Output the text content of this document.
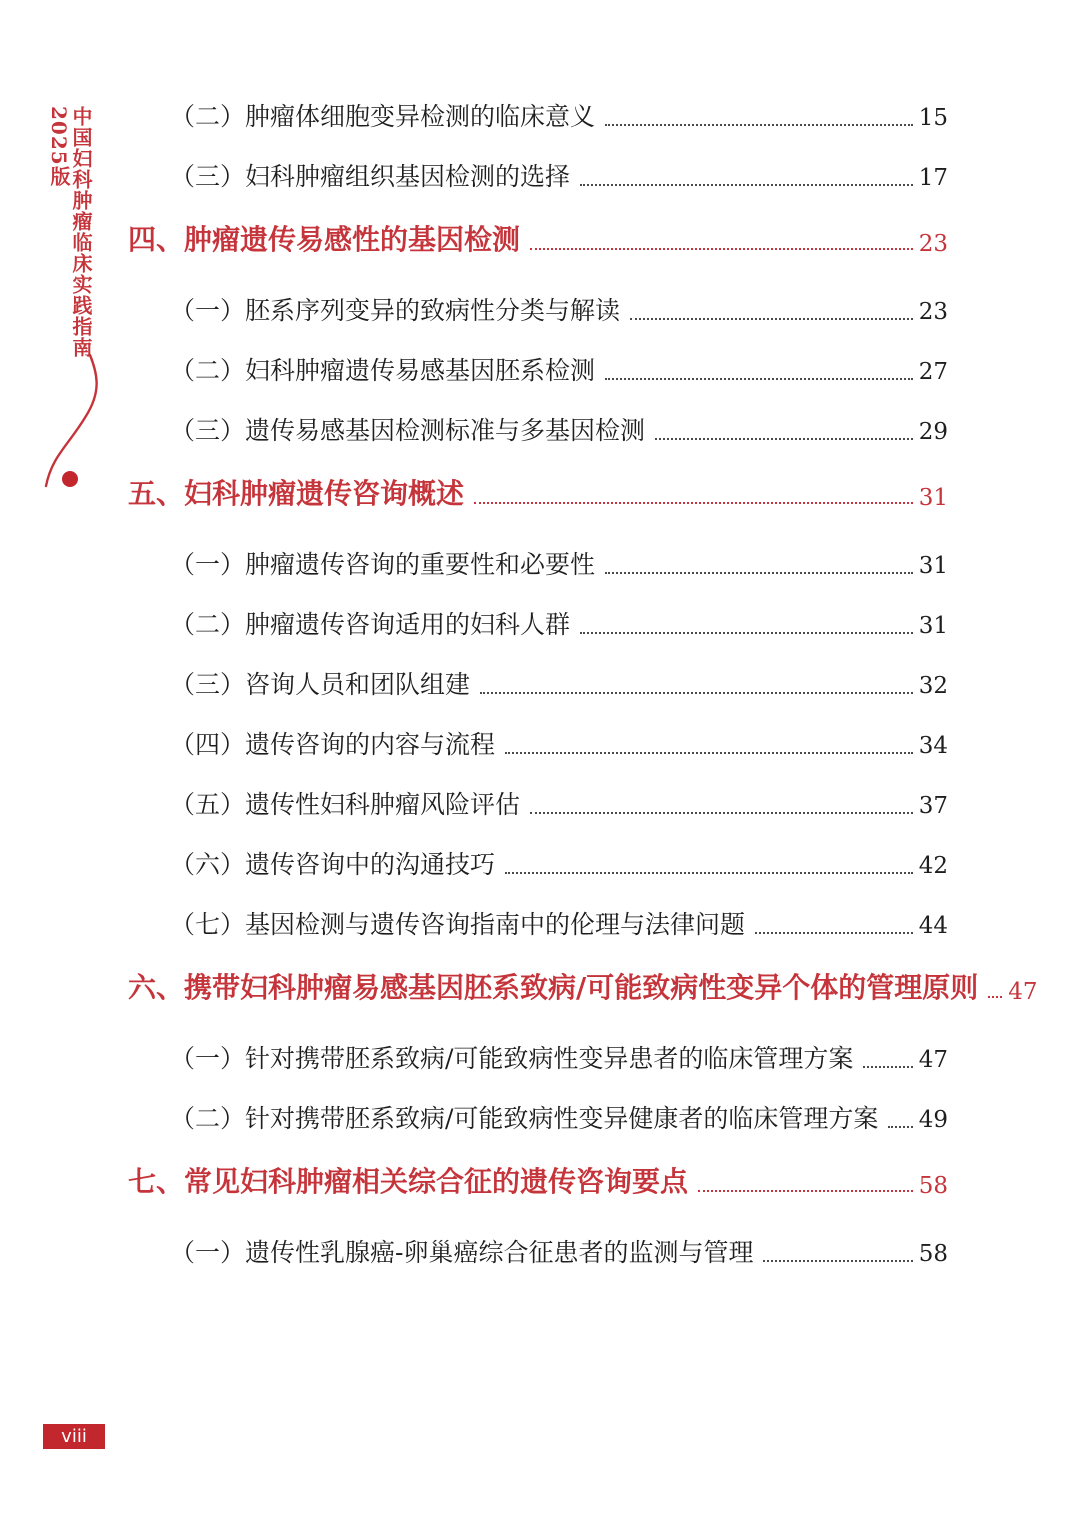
中国妇科肿瘤临床实践指南2025版	（二）肿瘤体细胞变异检测的临床意义	15
（三）妇科肿瘤组织基因检测的选择	17
四、肿瘤遗传易感性的基因检测	23
（一）胚系序列变异的致病性分类与解读	23
（二）妇科肿瘤遗传易感基因胚系检测	27
（三）遗传易感基因检测标准与多基因检测	29
五、妇科肿瘤遗传咨询概述	31
（一）肿瘤遗传咨询的重要性和必要性	31
（二）肿瘤遗传咨询适用的妇科人群	31
（三）咨询人员和团队组建	32
（四）遗传咨询的内容与流程	34
（五）遗传性妇科肿瘤风险评估	37
（六）遗传咨询中的沟通技巧	42
（七）基因检测与遗传咨询指南中的伦理与法律问题	44
六、携带妇科肿瘤易感基因胚系致病/可能致病性变异个体的管理原则 47
（一）针对携带胚系致病/可能致病性变异患者的临床管理方案	47
（二）针对携带胚系致病/可能致病性变异健康者的临床管理方案 49
七、常见妇科肿瘤相关综合征的遗传咨询要点	58
（一）遗传性乳腺癌-卵巢癌综合征患者的监测与管理	58
viii
